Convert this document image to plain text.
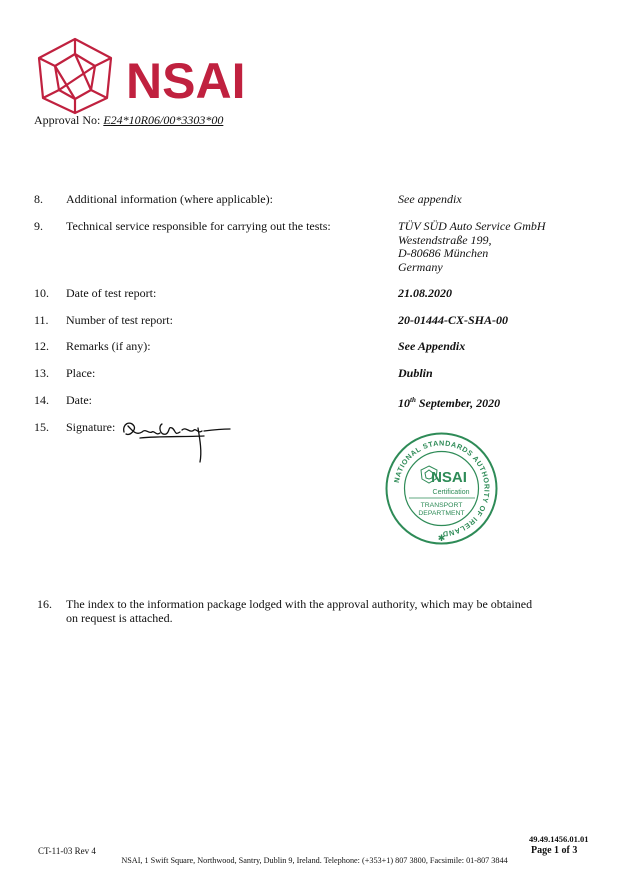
NSAI
Approval No: E24*10R06/00*3303*00
8. Additional information (where applicable):	See appendix
9. Technical service responsible for carrying out the tests:	TÜV SÜD Auto Service GmbH
Westendstraße 199,
D-80686 München
Germany
10. Date of test report:	21.08.2020
11. Number of test report:	20-01444-CX-SHA-00
12. Remarks (if any):	See Appendix
13. Place:	Dublin
14. Date:	10th September, 2020
15. Signature:
NATIONAL STANDARDS AUTHORITY OF IRELAND
NSAI
Certification
TRANSPORT
DEPARTMENT
✱
16. The index to the information package lodged with the approval authority, which may be obtained on request is attached.
CT-11-03 Rev 4
49.49.1456.01.01
Page 1 of 3
NSAI, 1 Swift Square, Northwood, Santry, Dublin 9, Ireland. Telephone: (+353+1) 807 3800, Facsimile: 01-807 3844
